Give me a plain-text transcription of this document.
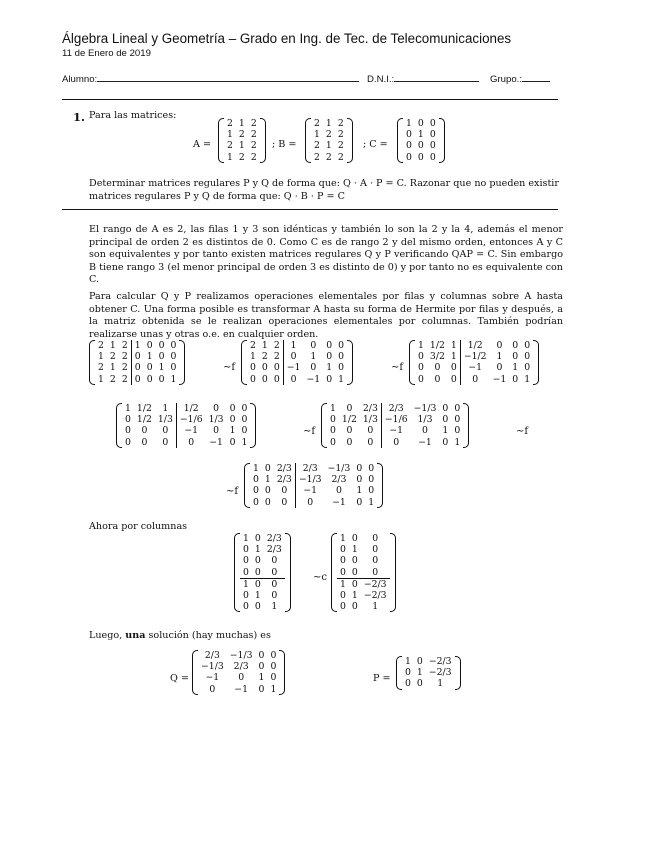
Álgebra Lineal y Geometría – Grado en Ing. de Tec. de Telecomunicaciones
11 de Enero de 2019
Alumno:	D.N.I.:	Grupo.:
1. Para las matrices:
A =
2	1	2
1	2	2
2	1	2
1	2	2
; B =
2	1	2
1	2	2
2	1	2
2	2	2
; C =
1	0	0
0	1	0
0	0	0
0	0	0
Determinar matrices regulares P y Q de forma que: Q · A · P = C. Razonar que no pueden existir
matrices regulares P y Q de forma que: Q · B · P = C

El rango de A es 2, las filas 1 y 3 son idénticas y también lo son la 2 y la 4, además el menor principal de orden 2 es distintos de 0. Como C es de rango 2 y del mismo orden, entonces A y C son equivalentes y por tanto existen matrices regulares Q y P verificando QAP = C. Sin embargo B tiene rango 3 (el menor principal de orden 3 es distinto de 0) y por tanto no es equivalente con C.

Para calcular Q y P realizamos operaciones elementales por filas y columnas sobre A hasta obtener C. Una forma posible es transformar A hasta su forma de Hermite por filas y después, a la matriz obtenida se le realizan operaciones elementales por columnas. También podrían realizarse unas y otras o.e. en cualquier orden.

2	1	2	1	0	0	0
1	2	2	0	1	0	0
2	1	2	0	0	1	0
1	2	2	0	0	0	1
∼f
2	1	2	1	0	0	0
1	2	2	0	1	0	0
0	0	0	−1	0	1	0
0	0	0	0	−1	0	1
∼f
1	1/2	1	1/2	0	0	0
0	3/2	1	−1/2	1	0	0
0	0	0	−1	0	1	0
0	0	0	0	−1	0	1
1	1/2	1	1/2	0	0	0
0	1/2	1/3	−1/6	1/3	0	0
0	0	0	−1	0	1	0
0	0	0	0	−1	0	1
∼f
1	0	2/3	2/3	−1/3	0	0
0	1/2	1/3	−1/6	1/3	0	0
0	0	0	−1	0	1	0
0	0	0	0	−1	0	1
∼f
∼f
1	0	2/3	2/3	−1/3	0	0
0	1	2/3	−1/3	2/3	0	0
0	0	0	−1	0	1	0
0	0	0	0	−1	0	1
Ahora por columnas
1	0	2/3
0	1	2/3
0	0	0
0	0	0
1	0	0
0	1	0
0	0	1
∼c
1	0	0
0	1	0
0	0	0
0	0	0
1	0	−2/3
0	1	−2/3
0	0	1
Luego, una solución (hay muchas) es
Q =
2/3	−1/3	0	0
−1/3	2/3	0	0
−1	0	1	0
0	−1	0	1
P =
1	0	−2/3
0	1	−2/3
0	0	1
